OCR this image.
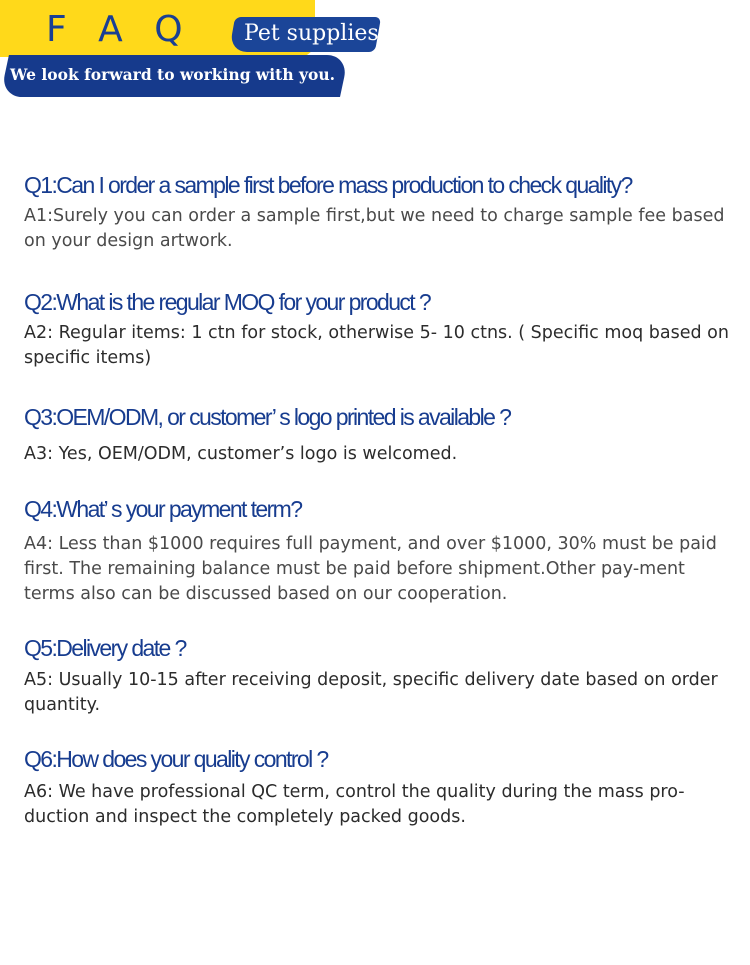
F A Q Pet supplies
We look forward to working with you.
Q1:Can I order a sample first before mass production to check quality?
A1:Surely you can order a sample first,but we need to charge sample fee based on your design artwork.
Q2:What is the regular MOQ for your product ?
A2: Regular items: 1 ctn for stock, otherwise 5- 10 ctns. ( Specific moq based on specific items)
Q3:OEM/ODM, or customer’ s logo printed is available ?
A3: Yes, OEM/ODM, customer’s logo is welcomed.
Q4:What’ s your payment term?
A4: Less than $1000 requires full payment, and over $1000, 30% must be paid first. The remaining balance must be paid before shipment.Other pay-ment terms also can be discussed based on our cooperation.
Q5:Delivery date ?
A5: Usually 10-15 after receiving deposit, specific delivery date based on order quantity.
Q6:How does your quality control ?
A6: We have professional QC term, control the quality during the mass pro-duction and inspect the completely packed goods.
